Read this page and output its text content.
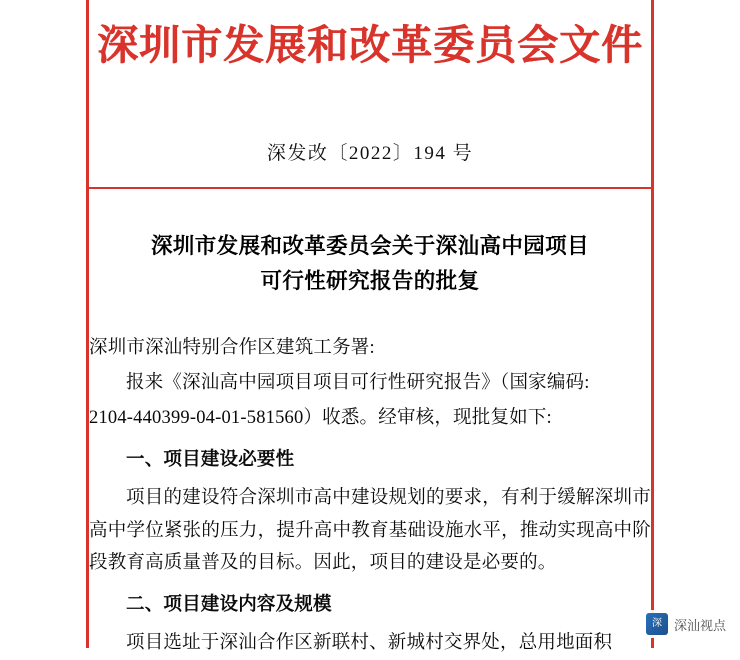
深圳市发展和改革委员会文件
深发改〔2022〕194 号
深圳市发展和改革委员会关于深汕高中园项目
可行性研究报告的批复

深圳市深汕特别合作区建筑工务署:

报来《深汕高中园项目项目可行性研究报告》（国家编码:

2104-440399-04-01-581560）收悉。经审核，现批复如下:

一、项目建设必要性

项目的建设符合深圳市高中建设规划的要求，有利于缓解深圳市高中学位紧张的压力，提升高中教育基础设施水平，推动实现高中阶段教育高质量普及的目标。因此，项目的建设是必要的。

二、项目建设内容及规模

项目选址于深汕合作区新联村、新城村交界处，总用地面积

深 深汕视点
